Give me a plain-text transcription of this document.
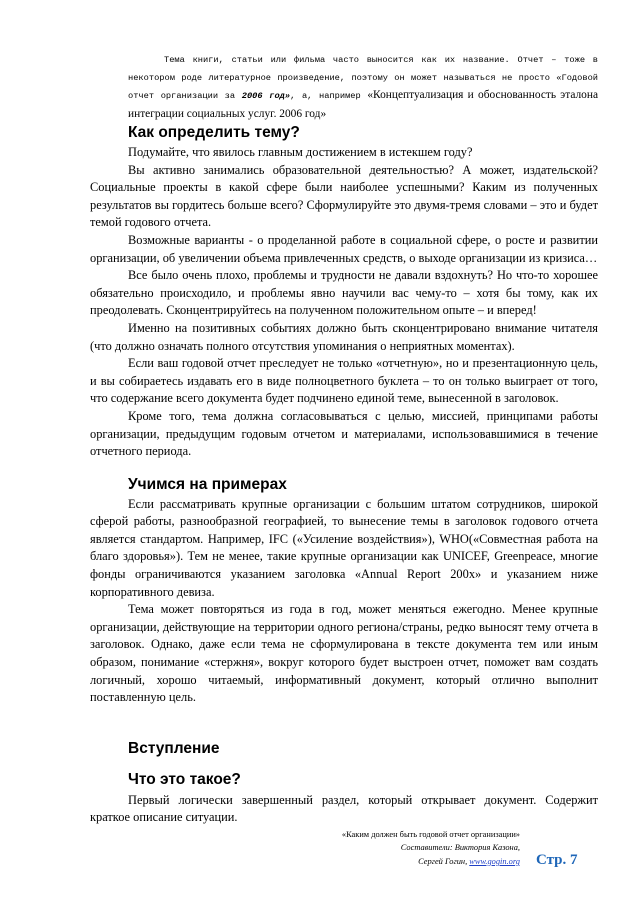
Тема книги, статьи или фильма часто выносится как их название. Отчет – тоже в некотором роде литературное произведение, поэтому он может называться не просто «Годовой отчет организации за 2006 год», а, например «Концептуализация и обоснованность эталона интеграции социальных услуг. 2006 год»
Как определить тему?

Подумайте, что явилось главным достижением в истекшем году?

Вы активно занимались образовательной деятельностью? А может, издательской? Социальные проекты в какой сфере были наиболее успешными? Каким из полученных результатов вы гордитесь больше всего? Сформулируйте это двумя-тремя словами – это и будет темой годового отчета.

Возможные варианты - о проделанной работе в социальной сфере, о росте и развитии организации, об увеличении объема привлеченных средств, о выходе организации из кризиса…

Все было очень плохо, проблемы и трудности не давали вздохнуть? Но что-то хорошее обязательно происходило, и проблемы явно научили вас чему-то – хотя бы тому, как их преодолевать. Сконцентрируйтесь на полученном положительном опыте – и вперед!

Именно на позитивных событиях должно быть сконцентрировано внимание читателя (что должно означать полного отсутствия упоминания о неприятных моментах).

Если ваш годовой отчет преследует не только «отчетную», но и презентационную цель, и вы собираетесь издавать его в виде полноцветного буклета – то он только выиграет от того, что содержание всего документа будет подчинено единой теме, вынесенной в заголовок.

Кроме того, тема должна согласовываться с целью, миссией, принципами работы организации, предыдущим годовым отчетом и материалами, использовавшимися в течение отчетного периода.

Учимся на примерах

Если рассматривать крупные организации с большим штатом сотрудников, широкой сферой работы, разнообразной географией, то вынесение темы в заголовок годового отчета является стандартом. Например, IFC («Усиление воздействия»), WHO(«Совместная работа на благо здоровья»). Тем не менее, такие крупные организации как UNICEF, Greenpeace, многие фонды ограничиваются указанием заголовка «Annual Report 200x» и указанием ниже корпоративного девиза.

Тема может повторяться из года в год, может меняться ежегодно. Менее крупные организации, действующие на территории одного региона/страны, редко выносят тему отчета в заголовок. Однако, даже если тема не сформулирована в тексте документа тем или иным образом, понимание «стержня», вокруг которого будет выстроен отчет, поможет вам создать логичный, хорошо читаемый, информативный документ, который отлично выполнит поставленную цель.

Вступление
Что это такое?

Первый логически завершенный раздел, который открывает документ. Содержит краткое описание ситуации.

«Каким должен быть годовой отчет организации»
Составители: Виктория Казона,
Сергей Гогин, www.gogin.org Стр. 7
